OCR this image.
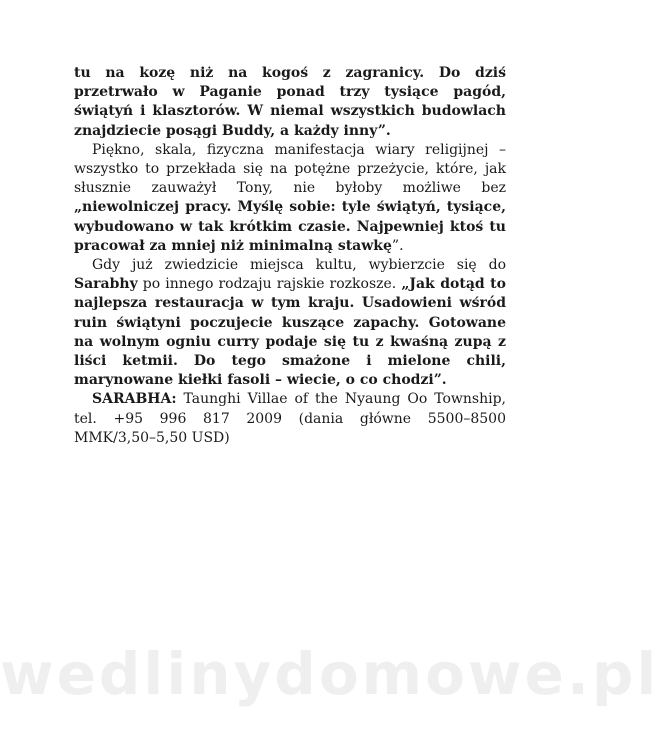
tu na kozę niż na kogoś z zagranicy. Do dziś przetrwało w Paganie ponad trzy tysiące pagód, świątyń i klasztorów. W niemal wszystkich budowlach znajdziecie posągi Buddy, a każdy inny”.

Piękno, skala, fizyczna manifestacja wiary religijnej – wszystko to przekłada się na potężne przeżycie, które, jak słusznie zauważył Tony, nie byłoby możliwe bez „niewolniczej pracy. Myślę sobie: tyle świątyń, tysiące, wybudowano w tak krótkim czasie. Najpewniej ktoś tu pracował za mniej niż minimalną stawkę”.

Gdy już zwiedzicie miejsca kultu, wybierzcie się do Sarabhy po innego rodzaju rajskie rozkosze. „Jak dotąd to najlepsza restauracja w tym kraju. Usadowieni wśród ruin świątyni poczujecie kuszące zapachy. Gotowane na wolnym ogniu curry podaje się tu z kwaśną zupą z liści ketmii. Do tego smażone i mielone chili, marynowane kiełki fasoli – wiecie, o co chodzi”.

SARABHA: Taunghi Villae of the Nyaung Oo Township, tel. +95 996 817 2009 (dania główne 5500–8500 MMK/3,50–5,50 USD)

wedlinydomowe.pl
